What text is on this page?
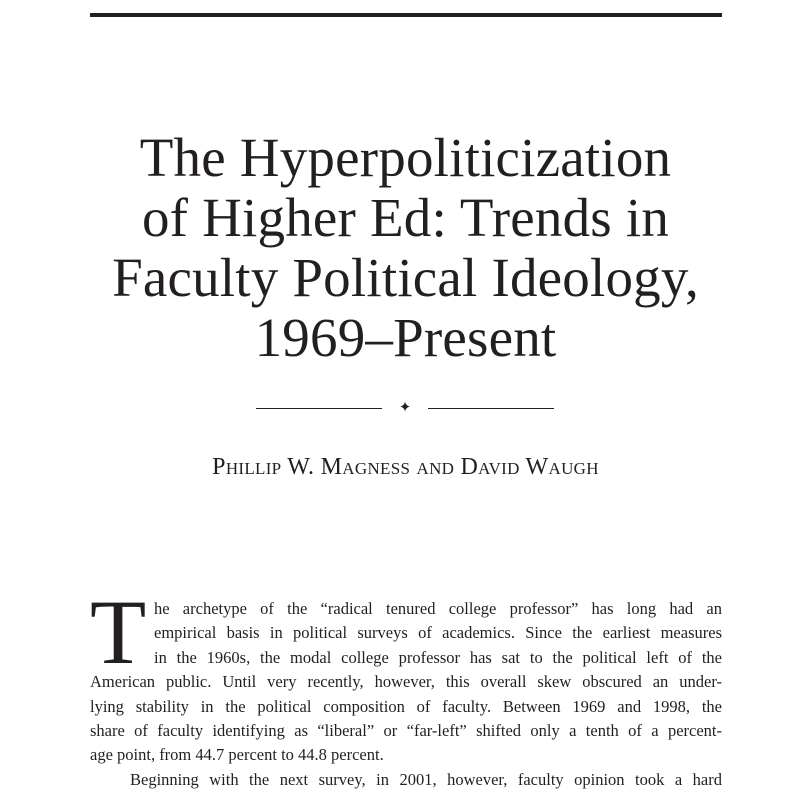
The Hyperpoliticization
of Higher Ed: Trends in
Faculty Political Ideology,
1969–Present
✦

Phillip W. Magness and David Waugh

T he archetype of the “radical tenured college professor” has long had an
empirical basis in political surveys of academics. Since the earliest measures
in the 1960s, the modal college professor has sat to the political left of the
American public. Until very recently, however, this overall skew obscured an under-
lying stability in the political composition of faculty. Between 1969 and 1998, the
share of faculty identifying as “liberal” or “far-left” shifted only a tenth of a percent-
age point, from 44.7 percent to 44.8 percent.
Beginning with the next survey, in 2001, however, faculty opinion took a hard
